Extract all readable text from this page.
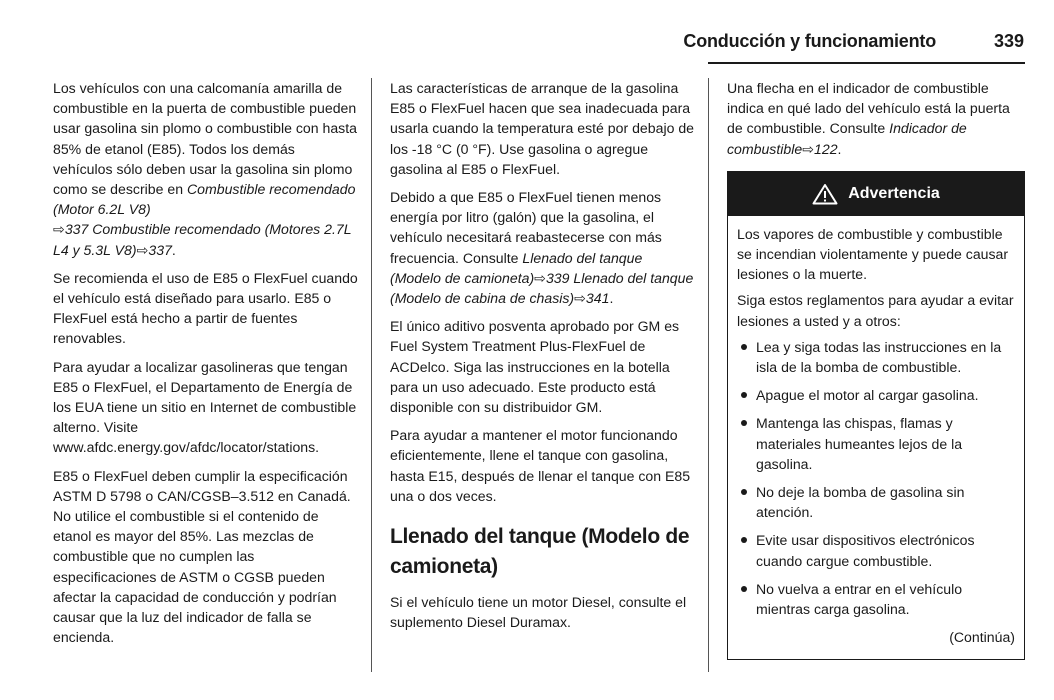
Conducción y funcionamiento	339

Los vehículos con una calcomanía amarilla de combustible en la puerta de combustible pueden usar gasolina sin plomo o combustible con hasta 85% de etanol (E85). Todos los demás vehículos sólo deben usar la gasolina sin plomo como se describe en Combustible recomendado (Motor 6.2L V8)
⇨337 Combustible recomendado (Motores 2.7L L4 y 5.3L V8)⇨337.

Se recomienda el uso de E85 o FlexFuel cuando el vehículo está diseñado para usarlo. E85 o FlexFuel está hecho a partir de fuentes renovables.

Para ayudar a localizar gasolineras que tengan E85 o FlexFuel, el Departamento de Energía de los EUA tiene un sitio en Internet de combustible alterno. Visite www.afdc.energy.gov/afdc/locator/stations.

E85 o FlexFuel deben cumplir la especificación ASTM D 5798 o CAN/CGSB–3.512 en Canadá. No utilice el combustible si el contenido de etanol es mayor del 85%. Las mezclas de combustible que no cumplen las especificaciones de ASTM o CGSB pueden afectar la capacidad de conducción y podrían causar que la luz del indicador de falla se encienda.

Las características de arranque de la gasolina E85 o FlexFuel hacen que sea inadecuada para usarla cuando la temperatura esté por debajo de los -18 °C (0 °F). Use gasolina o agregue gasolina al E85 o FlexFuel.

Debido a que E85 o FlexFuel tienen menos energía por litro (galón) que la gasolina, el vehículo necesitará reabastecerse con más frecuencia. Consulte Llenado del tanque (Modelo de camioneta)⇨339 Llenado del tanque (Modelo de cabina de chasis)⇨341.

El único aditivo posventa aprobado por GM es Fuel System Treatment Plus-FlexFuel de ACDelco. Siga las instrucciones en la botella para un uso adecuado. Este producto está disponible con su distribuidor GM.

Para ayudar a mantener el motor funcionando eficientemente, llene el tanque con gasolina, hasta E15, después de llenar el tanque con E85 una o dos veces.

Llenado del tanque (Modelo de camioneta)

Si el vehículo tiene un motor Diesel, consulte el suplemento Diesel Duramax.

Una flecha en el indicador de combustible indica en qué lado del vehículo está la puerta de combustible. Consulte Indicador de combustible⇨122.

Advertencia

Los vapores de combustible y combustible se incendian violentamente y puede causar lesiones o la muerte.

Siga estos reglamentos para ayudar a evitar lesiones a usted y a otros:

Lea y siga todas las instrucciones en la isla de la bomba de combustible.
Apague el motor al cargar gasolina.
Mantenga las chispas, flamas y materiales humeantes lejos de la gasolina.
No deje la bomba de gasolina sin atención.
Evite usar dispositivos electrónicos cuando cargue combustible.
No vuelva a entrar en el vehículo mientras carga gasolina.

(Continúa)
